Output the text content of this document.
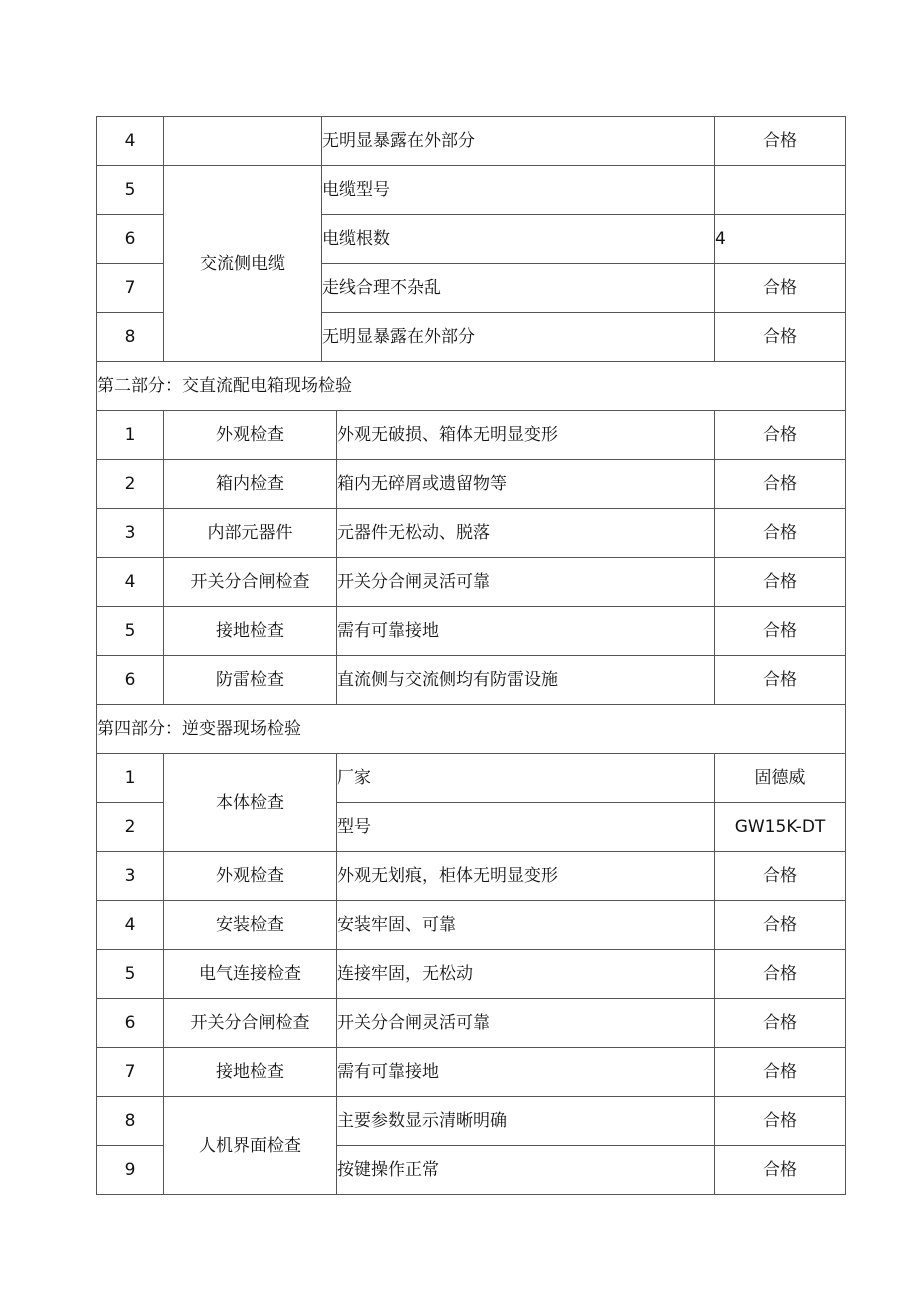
4		无明显暴露在外部分		合格
5	交流侧电缆	电缆型号		
6		电缆根数		4
7		走线合理不杂乱		合格
8		无明显暴露在外部分		合格
第二部分：交直流配电箱现场检验				
1	外观检查		外观无破损、箱体无明显变形	合格
2	箱内检查		箱内无碎屑或遗留物等	合格
3	内部元器件		元器件无松动、脱落	合格
4	开关分合闸检查		开关分合闸灵活可靠	合格
5	接地检查		需有可靠接地	合格
6	防雷检查		直流侧与交流侧均有防雷设施	合格
第四部分：逆变器现场检验				
1	本体检查		厂家	固德威
2			型号	GW15K-DT
3	外观检查		外观无划痕，柜体无明显变形	合格
4	安装检查		安装牢固、可靠	合格
5	电气连接检查		连接牢固，无松动	合格
6	开关分合闸检查		开关分合闸灵活可靠	合格
7	接地检查		需有可靠接地	合格
8	人机界面检查		主要参数显示清晰明确	合格
9			按键操作正常	合格
